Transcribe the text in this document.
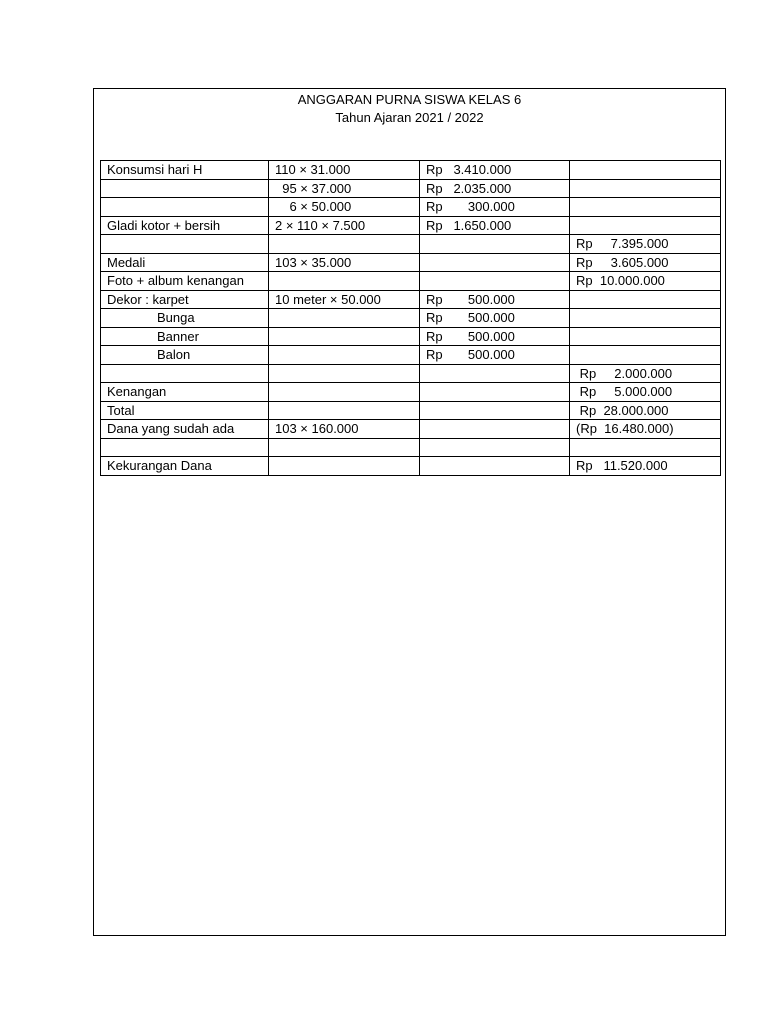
ANGGARAN PURNA SISWA KELAS 6
Tahun Ajaran 2021 / 2022
Konsumsi hari H	110 × 31.000	Rp   3.410.000	
	95 × 37.000	Rp   2.035.000	
	6 × 50.000	Rp       300.000	
Gladi kotor + bersih	2 × 110 × 7.500	Rp   1.650.000	
			Rp     7.395.000
Medali	103 × 35.000		Rp     3.605.000
Foto + album kenangan			Rp  10.000.000
Dekor : karpet	10 meter × 50.000	Rp       500.000	
Bunga		Rp       500.000	
Banner		Rp       500.000	
Balon		Rp       500.000	
			Rp     2.000.000
Kenangan			Rp     5.000.000
Total			Rp  28.000.000
Dana yang sudah ada	103 × 160.000		(Rp  16.480.000)

Kekurangan Dana			Rp   11.520.000
